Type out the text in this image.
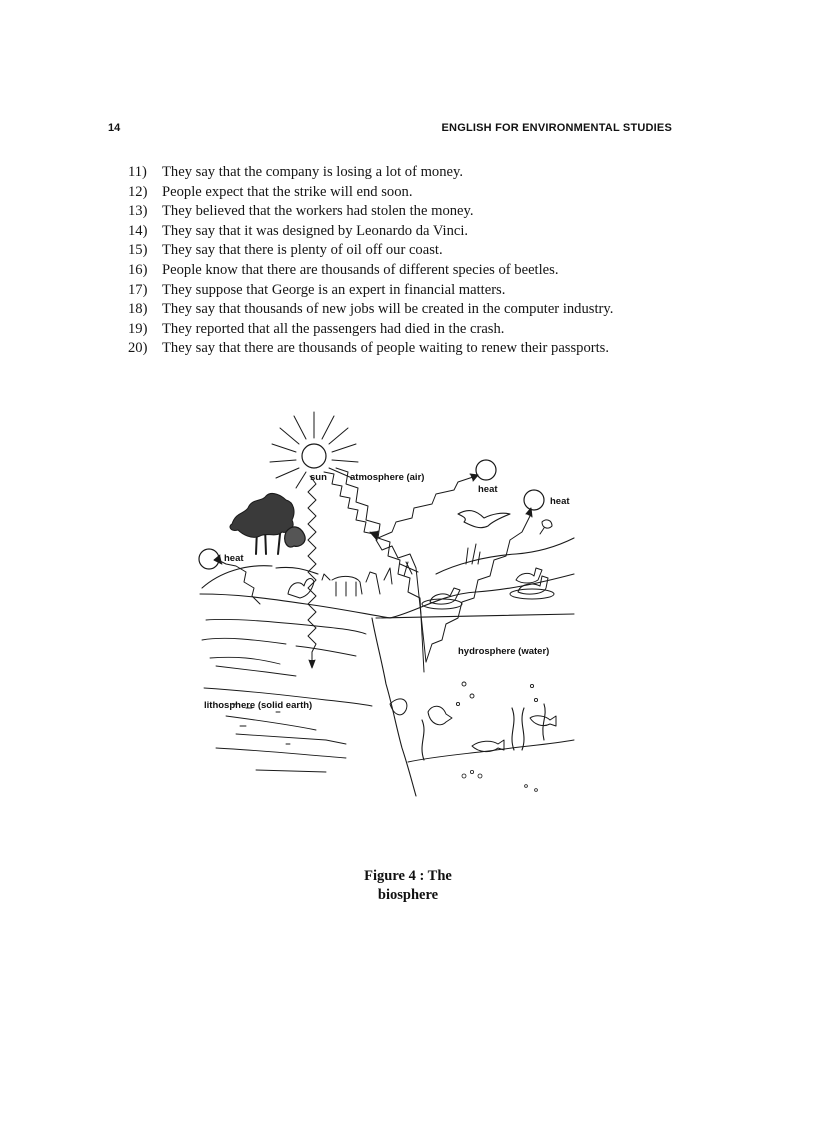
14	ENGLISH FOR ENVIRONMENTAL STUDIES
11) They say that the company is losing a lot of money.
12) People expect that the strike will end soon.
13) They believed that the workers had stolen the money.
14) They say that it was designed by Leonardo da Vinci.
15) They say that there is plenty of oil off our coast.
16) People know that there are thousands of different species of beetles.
17) They suppose that George is an expert in financial matters.
18) They say that thousands of new jobs will be created in the computer industry.
19) They reported that all the passengers had died in the crash.
20) They say that there are thousands of people waiting to renew their passports.
sun atmosphere (air)
heat
heat
heat
hydrosphere (water)
lithosphere (solid earth)
Figure 4 : The
biosphere
